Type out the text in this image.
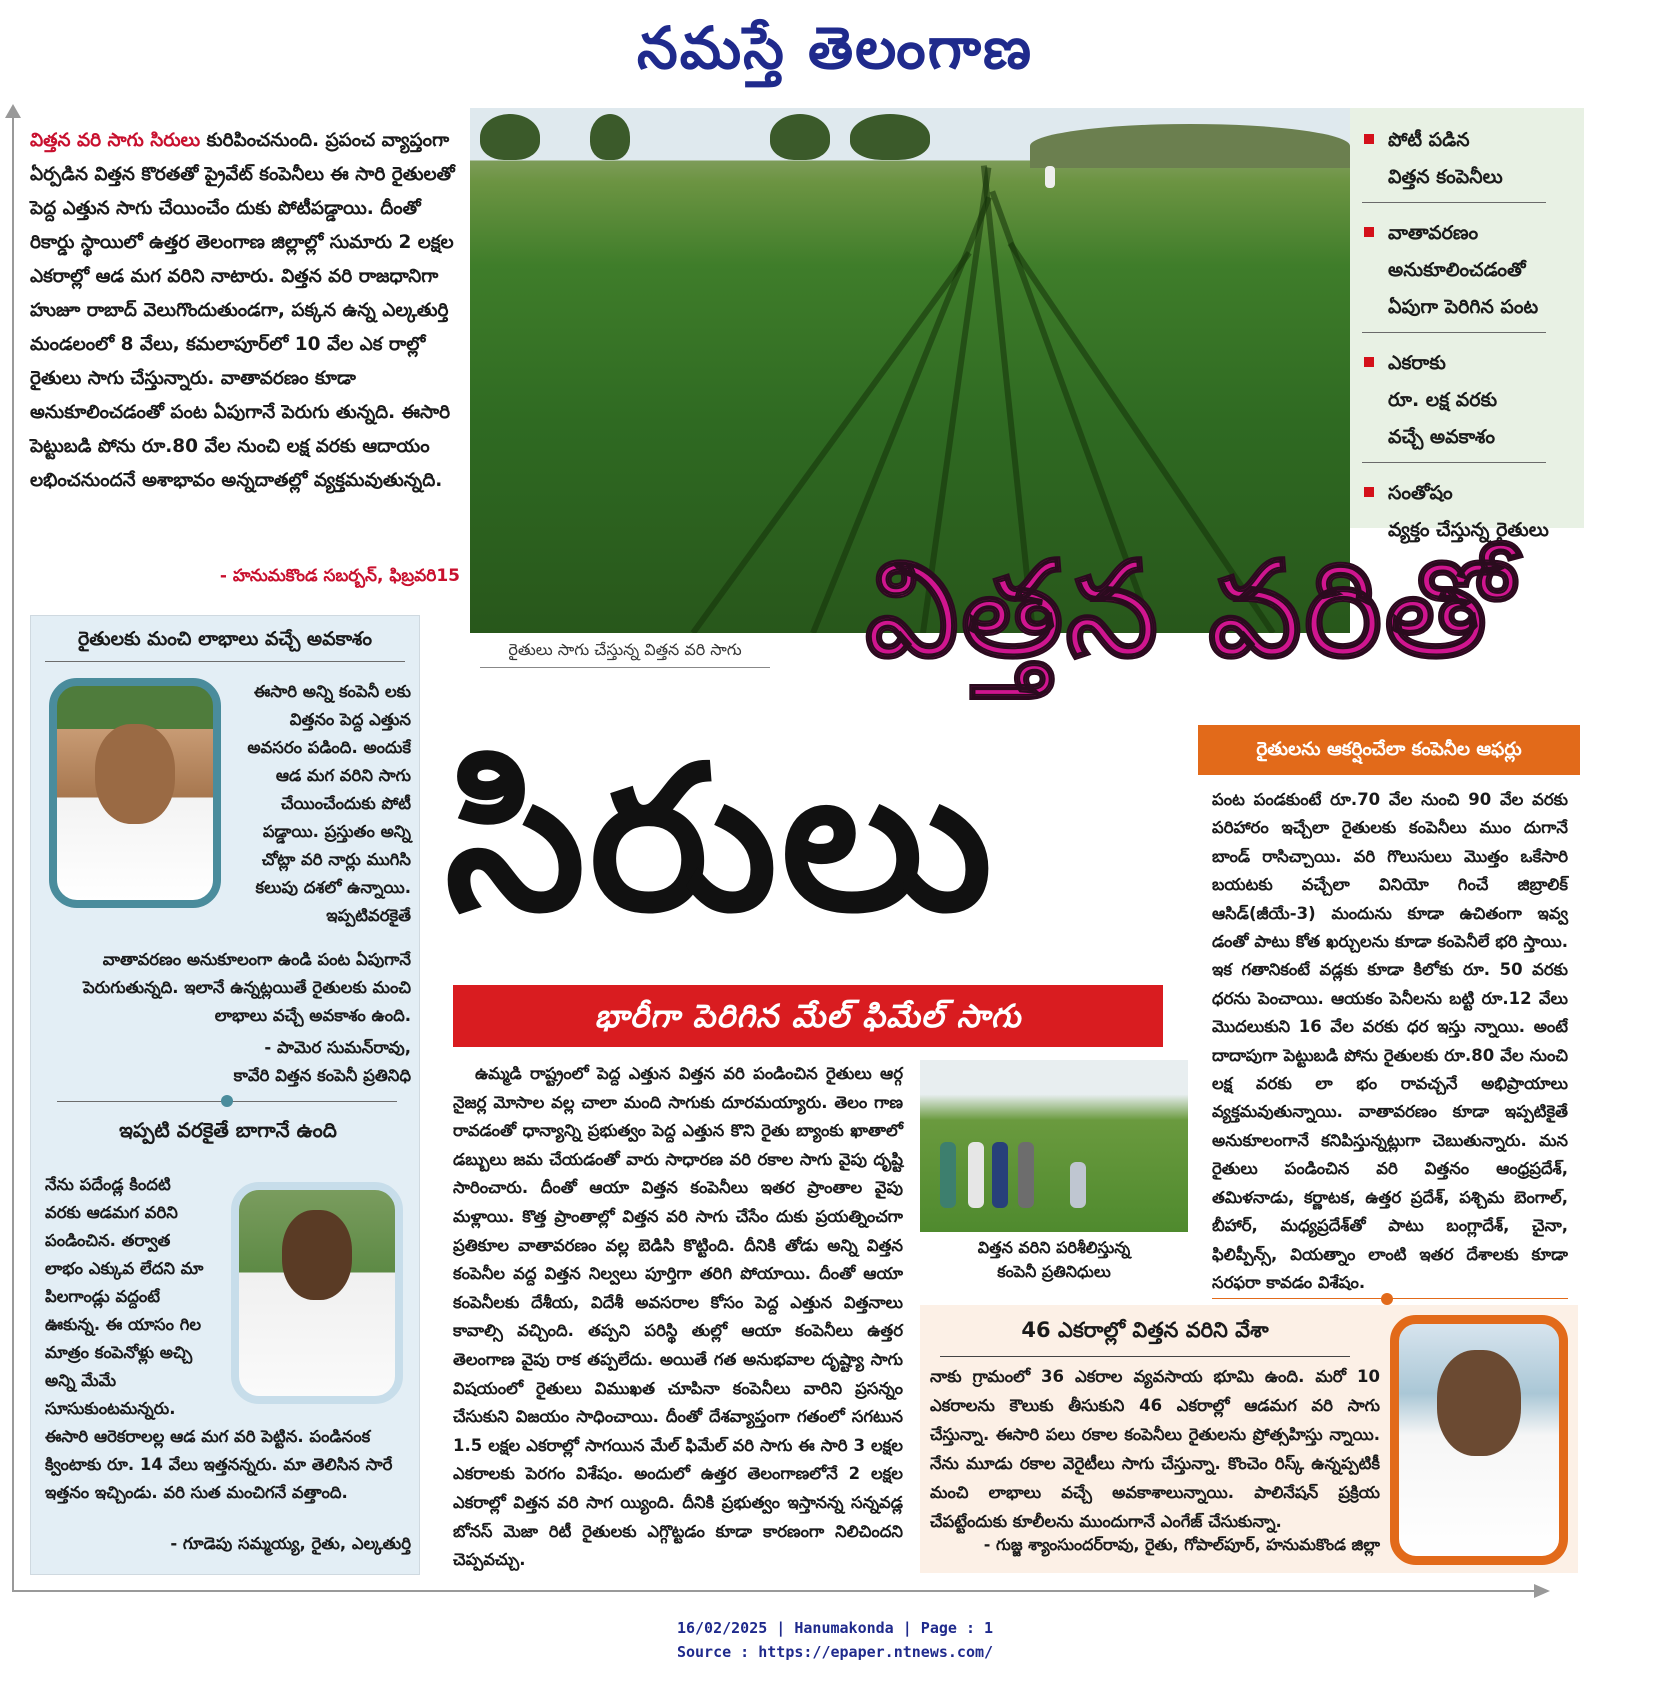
నమస్తే తెలంగాణ
విత్తన వరి సాగు సిరులు కురిపించనుంది. ప్రపంచ వ్యాప్తంగా ఏర్పడిన విత్తన కొరతతో ప్రైవేట్ కంపెనీలు ఈ సారి రైతులతో పెద్ద ఎత్తున సాగు చేయించేం దుకు పోటీపడ్డాయి. దీంతో రికార్డు స్థాయిలో ఉత్తర తెలంగాణ జిల్లాల్లో సుమారు 2 లక్షల ఎకరాల్లో ఆడ మగ వరిని నాటారు. విత్తన వరి రాజధానిగా హుజూ రాబాద్ వెలుగొందుతుండగా, పక్కన ఉన్న ఎల్కతుర్తి మండలంలో 8 వేలు, కమలాపూర్‌లో 10 వేల ఎక రాల్లో రైతులు సాగు చేస్తున్నారు. వాతావరణం కూడా అనుకూలించడంతో పంట ఏపుగానే పెరుగు తున్నది. ఈసారి పెట్టుబడి పోను రూ.80 వేల నుంచి లక్ష వరకు ఆదాయం లభించనుందనే అశాభావం అన్నదాతల్లో వ్యక్తమవుతున్నది.
- హనుమకొండ సబర్బన్, ఫిబ్రవరి15
రైతులు సాగు చేస్తున్న విత్తన వరి సాగు
పోటీ పడిన
విత్తన కంపెనీలు
వాతావరణం
అనుకూలించడంతో
ఏపుగా పెరిగిన పంట
ఎకరాకు
రూ. లక్ష వరకు
వచ్చే అవకాశం
సంతోషం
వ్యక్తం చేస్తున్న రైతులు
విత్తన వరితో
సిరులు
భారీగా పెరిగిన మేల్ ఫిమేల్ సాగు
రైతులకు మంచి లాభాలు వచ్చే అవకాశం
ఈసారి అన్ని కంపెనీ లకు విత్తనం పెద్ద ఎత్తున అవసరం పడింది. అందుకే ఆడ మగ వరిని సాగు చేయించేందుకు పోటీ పడ్డాయి. ప్రస్తుతం అన్ని చోట్లా వరి నార్లు ముగిసి కలుపు దశలో ఉన్నాయి. ఇప్పటివరకైతే
వాతావరణం అనుకూలంగా ఉండి పంట ఏపుగానే పెరుగుతున్నది. ఇలానే ఉన్నట్లయితే రైతులకు మంచి లాభాలు వచ్చే అవకాశం ఉంది.
- పామెర సుమన్‌రావు,
కావేరి విత్తన కంపెనీ ప్రతినిధి
ఇప్పటి వరకైతే బాగానే ఉంది
నేను పదేండ్ల కిందటి వరకు ఆడమగ వరిని పండించిన. తర్వాత లాభం ఎక్కువ లేదని మా పిలగాండ్లు వద్దంటే ఊకున్న. ఈ యాసం గిల మాత్రం కంపెనోళ్లు అచ్చి అన్ని మేమే సూసుకుంటమన్నరు.
ఈసారి ఆరెకరాలల్ల ఆడ మగ వరి పెట్టిన. పండినంక క్వింటాకు రూ. 14 వేలు ఇత్తనన్నరు. మా తెలిసిన సారే ఇత్తనం ఇచ్చిండు. వరి సుత మంచిగనే వత్తాంది.
- గూడెపు సమ్మయ్య, రైతు, ఎల్కతుర్తి
ఉమ్మడి రాష్ట్రంలో పెద్ద ఎత్తున విత్తన వరి పండించిన రైతులు ఆర్గ నైజర్ల మోసాల వల్ల చాలా మంది సాగుకు దూరమయ్యారు. తెలం గాణ రావడంతో ధాన్యాన్ని ప్రభుత్వం పెద్ద ఎత్తున కొని రైతు బ్యాంకు ఖాతాలో డబ్బులు జమ చేయడంతో వారు సాధారణ వరి రకాల సాగు వైపు దృష్టి సారించారు. దీంతో ఆయా విత్తన కంపెనీలు ఇతర ప్రాంతాల వైపు మళ్లాయి. కొత్త ప్రాంతాల్లో విత్తన వరి సాగు చేసేం దుకు ప్రయత్నించగా ప్రతికూల వాతావరణం వల్ల బెడిసి కొట్టింది. దీనికి తోడు అన్ని విత్తన కంపెనీల వద్ద విత్తన నిల్వలు పూర్తిగా తరిగి పోయాయి. దీంతో ఆయా కంపెనీలకు దేశీయ, విదేశీ అవసరాల కోసం పెద్ద ఎత్తున విత్తనాలు కావాల్సి వచ్చింది. తప్పని పరిస్థి తుల్లో ఆయా కంపెనీలు ఉత్తర తెలంగాణ వైపు రాక తప్పలేదు. అయితే గత అనుభవాల దృష్ట్యా సాగు విషయంలో రైతులు విముఖత చూపినా కంపెనీలు వారిని ప్రసన్నం చేసుకుని విజయం సాధించాయి. దీంతో దేశవ్యాప్తంగా గతంలో సగటున 1.5 లక్షల ఎకరాల్లో సాగయిన మేల్ ఫిమేల్ వరి సాగు ఈ సారి 3 లక్షల ఎకరాలకు పెరగం విశేషం. అందులో ఉత్తర తెలంగాణలోనే 2 లక్షల ఎకరాల్లో విత్తన వరి సాగ య్యింది. దీనికి ప్రభుత్వం ఇస్తానన్న సన్నవడ్ల బోనస్ మెజా రిటీ రైతులకు ఎగ్గొట్టడం కూడా కారణంగా నిలిచిందని చెప్పవచ్చు.
విత్తన వరిని పరిశీలిస్తున్న
కంపెనీ ప్రతినిధులు
రైతులను ఆకర్షించేలా కంపెనీల ఆఫర్లు
పంట పండకుంటే రూ.70 వేల నుంచి 90 వేల వరకు పరిహారం ఇచ్చేలా రైతులకు కంపెనీలు ముం దుగానే బాండ్ రాసిచ్చాయి. వరి గొలుసులు మొత్తం ఒకేసారి బయటకు వచ్చేలా వినియో గించే జిబ్రాలిక్ ఆసిడ్(జీయే-3) మందును కూడా ఉచితంగా ఇవ్వ డంతో పాటు కోత ఖర్చులను కూడా కంపెనీలే భరి స్తాయి. ఇక గతానికంటే వడ్లకు కూడా కిలోకు రూ. 50 వరకు ధరను పెంచాయి. ఆయకం పెనీలను బట్టి రూ.12 వేలు మొదలుకుని 16 వేల వరకు ధర ఇస్తు న్నాయి. అంటే దాదాపుగా పెట్టుబడి పోను రైతులకు రూ.80 వేల నుంచి లక్ష వరకు లా భం రావచ్చనే అభిప్రాయాలు వ్యక్తమవుతున్నాయి. వాతావరణం కూడా ఇప్పటికైతే అనుకూలంగానే కనిపిస్తున్నట్లుగా చెబుతున్నారు. మన రైతులు పండించిన వరి విత్తనం ఆంధ్రప్రదేశ్, తమిళనాడు, కర్ణాటక, ఉత్తర ప్రదేశ్, పశ్చిమ బెంగాల్, బీహార్, మధ్యప్రదేశ్‌తో పాటు బంగ్లాదేశ్, చైనా, ఫిలిప్పీన్స్, వియత్నాం లాంటి ఇతర దేశాలకు కూడా సరఫరా కావడం విశేషం.
46 ఎకరాల్లో విత్తన వరిని వేశా
నాకు గ్రామంలో 36 ఎకరాల వ్యవసాయ భూమి ఉంది. మరో 10 ఎకరాలను కౌలుకు తీసుకుని 46 ఎకరాల్లో ఆడమగ వరి సాగు చేస్తున్నా. ఈసారి పలు రకాల కంపెనీలు రైతులను ప్రోత్సహిస్తు న్నాయి. నేను మూడు రకాల వెరైటీలు సాగు చేస్తున్నా. కొంచెం రిస్క్ ఉన్నప్పటికీ మంచి లాభాలు వచ్చే అవకాశాలున్నాయి. పాలినేషన్ ప్రక్రియ చేపట్టేందుకు కూలీలను ముందుగానే ఎంగేజ్ చేసుకున్నా.
- గుజ్జ శ్యాంసుందర్‌రావు, రైతు, గోపాల్‌పూర్, హనుమకొండ జిల్లా
16/02/2025 | Hanumakonda | Page : 1
Source : https://epaper.ntnews.com/
